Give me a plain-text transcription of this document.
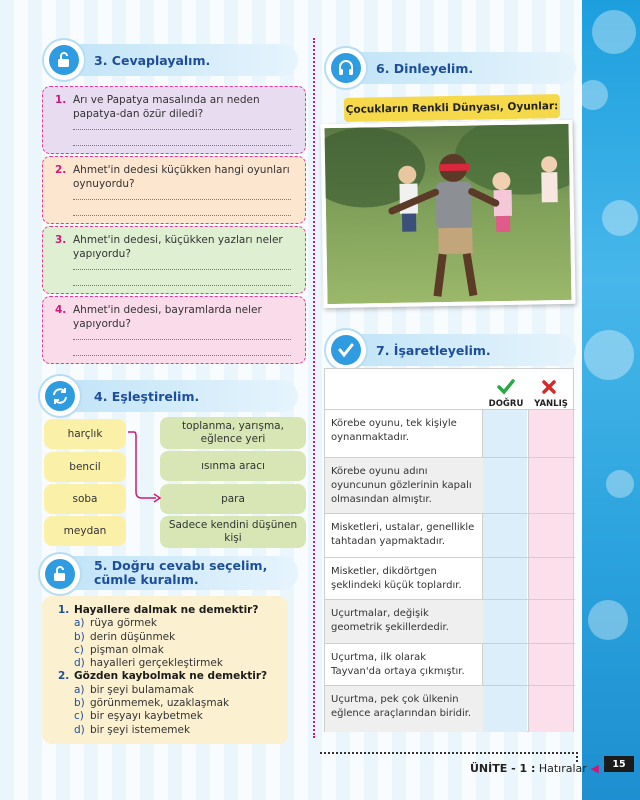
3. Cevaplayalım.
1. Arı ve Papatya masalında arı neden papatya-dan özür diledi?
2. Ahmet'in dedesi küçükken hangi oyunları oynuyordu?
3. Ahmet'in dedesi, küçükken yazları neler yapıyordu?
4. Ahmet'in dedesi, bayramlarda neler yapıyordu?
4. Eşleştirelim.
harçlık
bencil
soba
meydan
toplanma, yarışma, eğlence yeri
ısınma aracı
para
Sadece kendini düşünen kişi
5. Doğru cevabı seçelim,
cümle kuralım.
1. Hayallere dalmak ne demektir?
a) rüya görmek
b) derin düşünmek
c) pişman olmak
d) hayalleri gerçekleştirmek
2. Gözden kaybolmak ne demektir?
a) bir şeyi bulamamak
b) görünmemek, uzaklaşmak
c) bir eşyayı kaybetmek
d) bir şeyi istememek
6. Dinleyelim.
Çocukların Renkli Dünyası, Oyunlar:
7. İşaretleyelim.
Körebe oyunu, tek kişiyle oynanmaktadır.
Körebe oyunu adını oyuncunun gözlerinin kapalı olmasından almıştır.
Misketleri, ustalar, genellikle tahtadan yapmaktadır.
Misketler, dikdörtgen şeklindeki küçük toplardır.
Uçurtmalar, değişik geometrik şekillerdedir.
Uçurtma, ilk olarak Tayvan'da ortaya çıkmıştır.
Uçurtma, pek çok ülkenin eğlence araçlarından biridir.
DOĞRU	YANLIŞ
ÜNİTE - 1 : Hatıralar ◀	15
